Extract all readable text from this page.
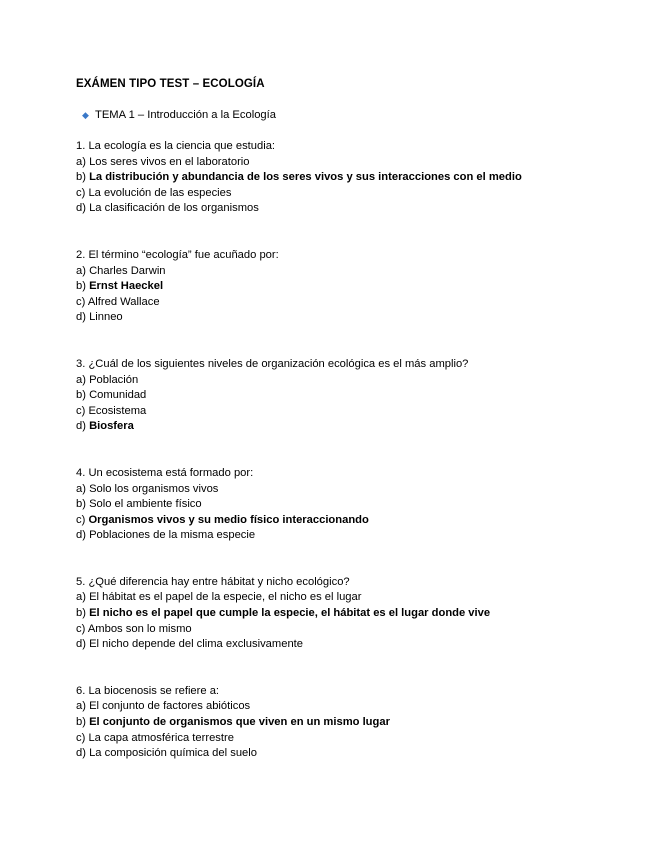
EXÁMEN TIPO TEST – ECOLOGÍA
◆ TEMA 1 – Introducción a la Ecología
1. La ecología es la ciencia que estudia:
a) Los seres vivos en el laboratorio
b) La distribución y abundancia de los seres vivos y sus interacciones con el medio
c) La evolución de las especies
d) La clasificación de los organismos
2. El término “ecología” fue acuñado por:
a) Charles Darwin
b) Ernst Haeckel
c) Alfred Wallace
d) Linneo
3. ¿Cuál de los siguientes niveles de organización ecológica es el más amplio?
a) Población
b) Comunidad
c) Ecosistema
d) Biosfera
4. Un ecosistema está formado por:
a) Solo los organismos vivos
b) Solo el ambiente físico
c) Organismos vivos y su medio físico interaccionando
d) Poblaciones de la misma especie
5. ¿Qué diferencia hay entre hábitat y nicho ecológico?
a) El hábitat es el papel de la especie, el nicho es el lugar
b) El nicho es el papel que cumple la especie, el hábitat es el lugar donde vive
c) Ambos son lo mismo
d) El nicho depende del clima exclusivamente
6. La biocenosis se refiere a:
a) El conjunto de factores abióticos
b) El conjunto de organismos que viven en un mismo lugar
c) La capa atmosférica terrestre
d) La composición química del suelo
